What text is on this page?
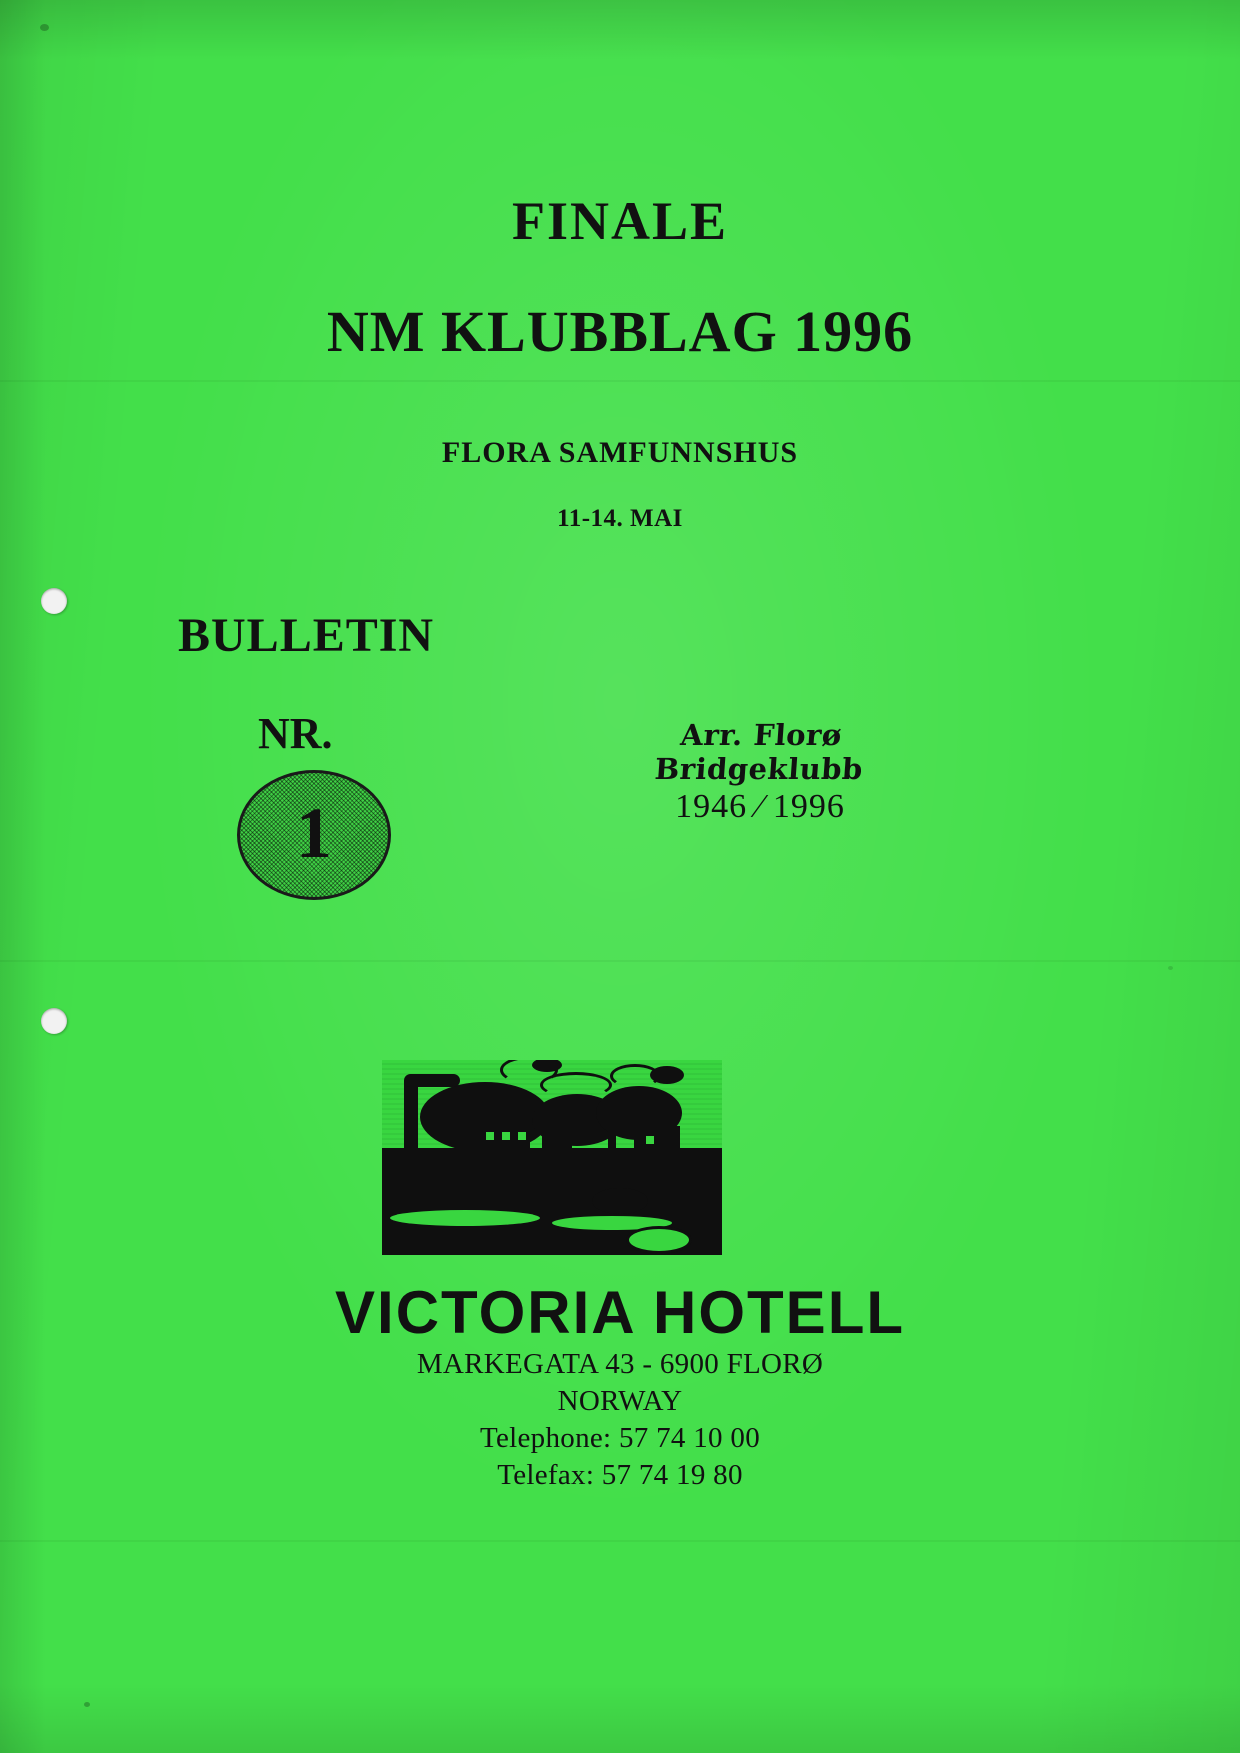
FINALE
NM KLUBBLAG 1996
FLORA SAMFUNNSHUS
11-14. MAI
BULLETIN
NR.
1
Arr. Florø Bridgeklubb
1946 ⁄ 1996
VICTORIA HOTELL
MARKEGATA 43 - 6900 FLORØ
NORWAY
Telephone: 57 74 10 00
Telefax: 57 74 19 80
